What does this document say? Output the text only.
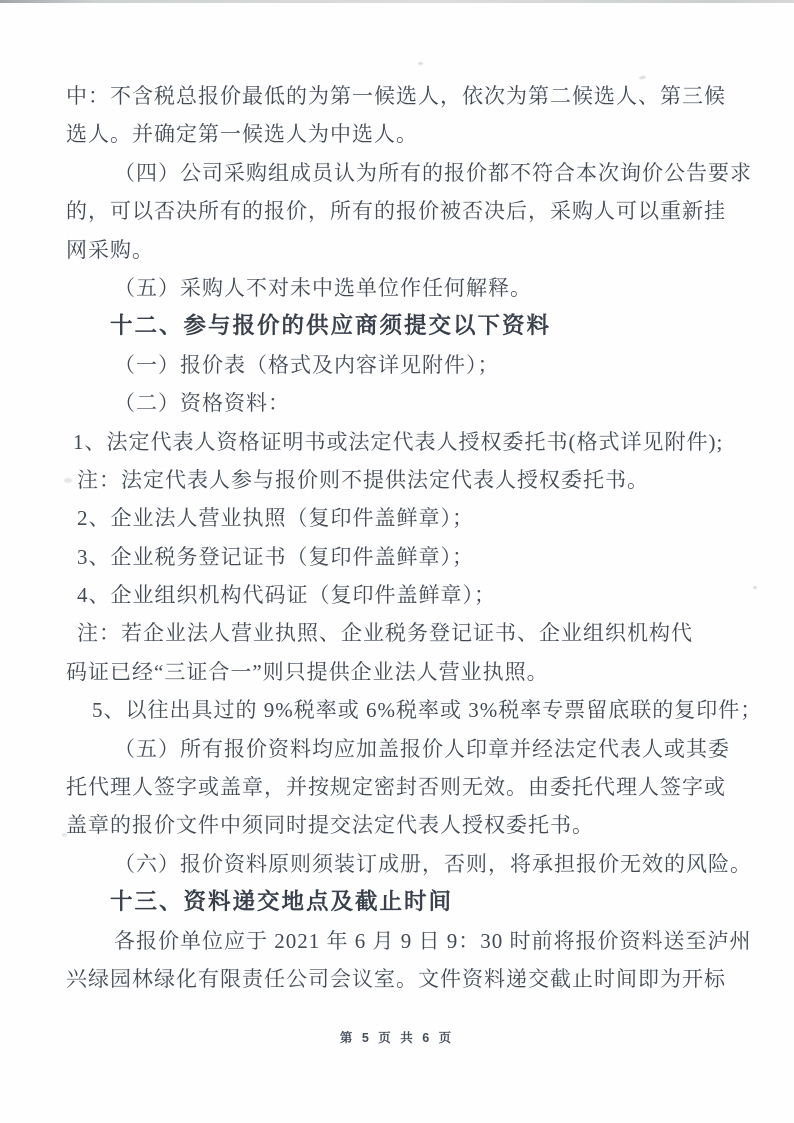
中：不含税总报价最低的为第一候选人，依次为第二候选人、第三候
选人。并确定第一候选人为中选人。
（四）公司采购组成员认为所有的报价都不符合本次询价公告要求
的，可以否决所有的报价，所有的报价被否决后，采购人可以重新挂
网采购。
（五）采购人不对未中选单位作任何解释。
十二、参与报价的供应商须提交以下资料
（一）报价表（格式及内容详见附件）；
（二）资格资料：
1、法定代表人资格证明书或法定代表人授权委托书(格式详见附件);
注：法定代表人参与报价则不提供法定代表人授权委托书。
2、企业法人营业执照（复印件盖鲜章）；
3、企业税务登记证书（复印件盖鲜章）；
4、企业组织机构代码证（复印件盖鲜章）；
注：若企业法人营业执照、企业税务登记证书、企业组织机构代
码证已经“三证合一”则只提供企业法人营业执照。
5、以往出具过的 9%税率或 6%税率或 3%税率专票留底联的复印件；
（五）所有报价资料均应加盖报价人印章并经法定代表人或其委
托代理人签字或盖章，并按规定密封否则无效。由委托代理人签字或
盖章的报价文件中须同时提交法定代表人授权委托书。
（六）报价资料原则须装订成册，否则，将承担报价无效的风险。
十三、资料递交地点及截止时间
各报价单位应于 2021 年 6 月 9 日 9：30 时前将报价资料送至泸州
兴绿园林绿化有限责任公司会议室。文件资料递交截止时间即为开标
第 5 页 共 6 页
